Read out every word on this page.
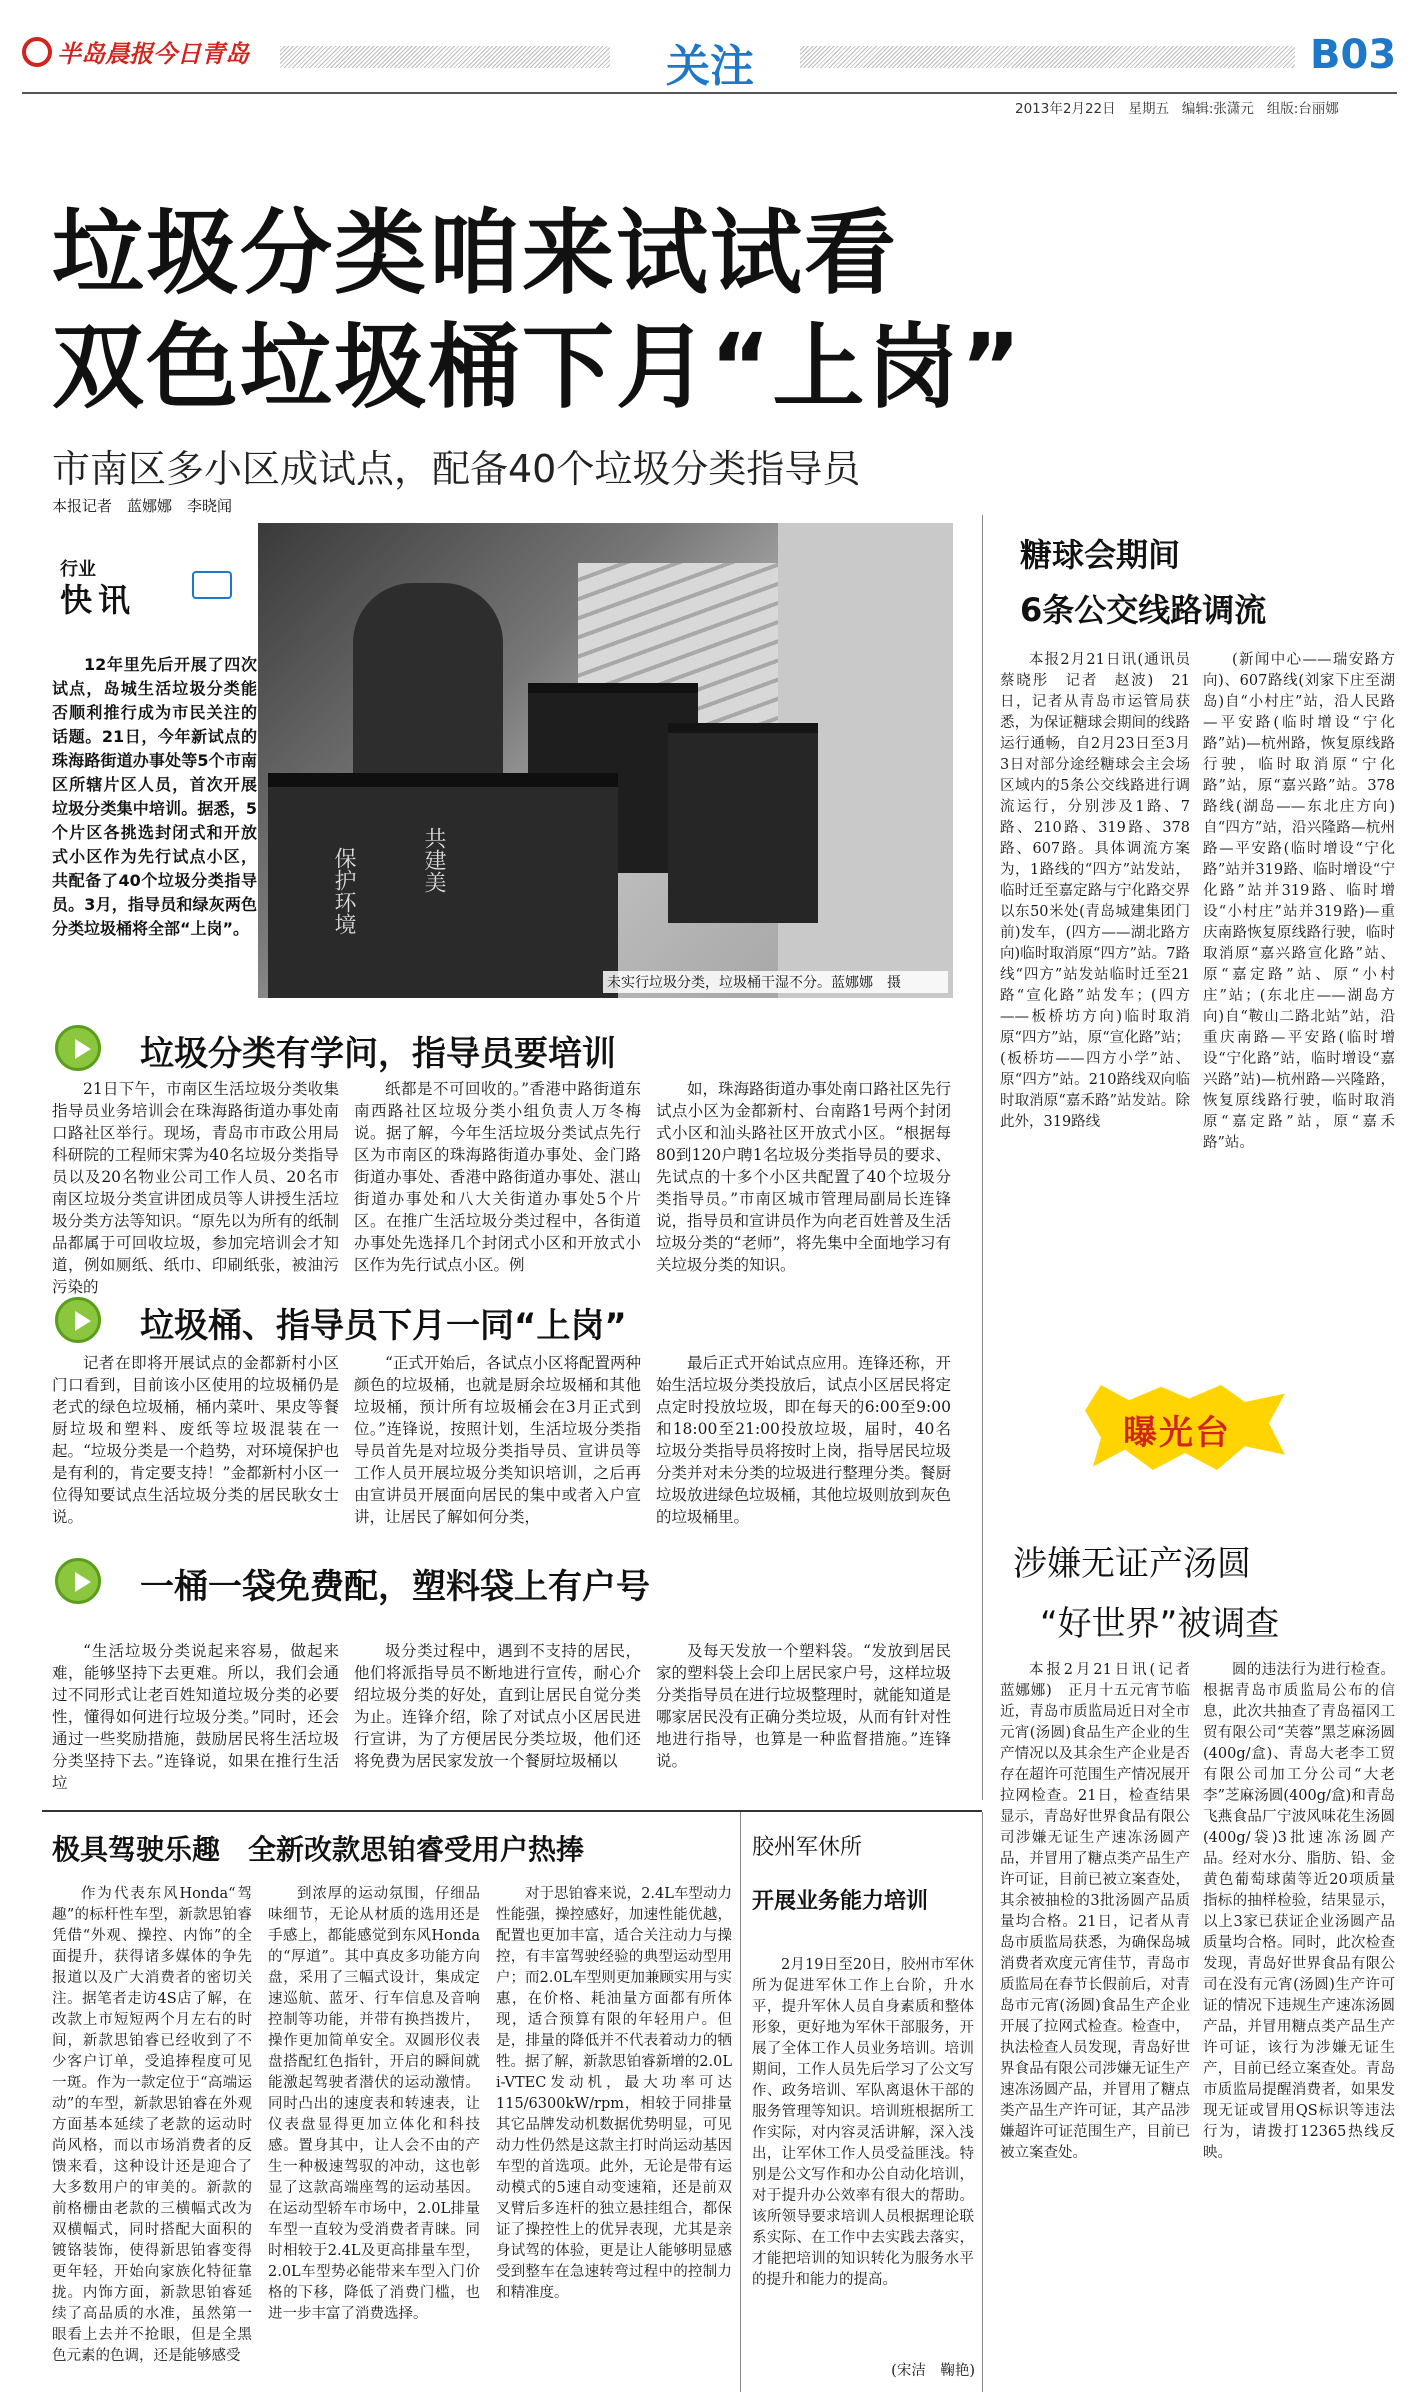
半岛晨报今日青岛	关注	B03
2013年2月22日 星期五 编辑:张潇元 组版:台丽娜
垃圾分类咱来试试看
双色垃圾桶下月“上岗”
市南区多小区成试点，配备40个垃圾分类指导员
本报记者　蓝娜娜　李晓闻
行业
快讯
12年里先后开展了四次试点，岛城生活垃圾分类能否顺利推行成为市民关注的话题。21日，今年新试点的珠海路街道办事处等5个市南区所辖片区人员，首次开展垃圾分类集中培训。据悉，5个片区各挑选封闭式和开放式小区作为先行试点小区，共配备了40个垃圾分类指导员。3月，指导员和绿灰两色分类垃圾桶将全部“上岗”。	保护环境	共建美
未实行垃圾分类，垃圾桶干湿不分。蓝娜娜　摄
垃圾分类有学问，指导员要培训

21日下午，市南区生活垃圾分类收集指导员业务培训会在珠海路街道办事处南口路社区举行。现场，青岛市市政公用局科研院的工程师宋霁为40名垃圾分类指导员以及20名物业公司工作人员、20名市南区垃圾分类宣讲团成员等人讲授生活垃圾分类方法等知识。“原先以为所有的纸制品都属于可回收垃圾，参加完培训会才知道，例如厕纸、纸巾、印刷纸张，被油污污染的

纸都是不可回收的。”香港中路街道东南西路社区垃圾分类小组负责人万冬梅说。据了解，今年生活垃圾分类试点先行区为市南区的珠海路街道办事处、金门路街道办事处、香港中路街道办事处、湛山街道办事处和八大关街道办事处5个片区。在推广生活垃圾分类过程中，各街道办事处先选择几个封闭式小区和开放式小区作为先行试点小区。例

如，珠海路街道办事处南口路社区先行试点小区为金都新村、台南路1号两个封闭式小区和汕头路社区开放式小区。“根据每80到120户聘1名垃圾分类指导员的要求、先试点的十多个小区共配置了40个垃圾分类指导员。”市南区城市管理局副局长连锋说，指导员和宣讲员作为向老百姓普及生活垃圾分类的“老师”，将先集中全面地学习有关垃圾分类的知识。

垃圾桶、指导员下月一同“上岗”

记者在即将开展试点的金都新村小区门口看到，目前该小区使用的垃圾桶仍是老式的绿色垃圾桶，桶内菜叶、果皮等餐厨垃圾和塑料、废纸等垃圾混装在一起。“垃圾分类是一个趋势，对环境保护也是有利的，肯定要支持！”金都新村小区一位得知要试点生活垃圾分类的居民耿女士说。

“正式开始后，各试点小区将配置两种颜色的垃圾桶，也就是厨余垃圾桶和其他垃圾桶，预计所有垃圾桶会在3月正式到位。”连锋说，按照计划，生活垃圾分类指导员首先是对垃圾分类指导员、宣讲员等工作人员开展垃圾分类知识培训，之后再由宣讲员开展面向居民的集中或者入户宣讲，让居民了解如何分类，

最后正式开始试点应用。连锋还称，开始生活垃圾分类投放后，试点小区居民将定点定时投放垃圾，即在每天的6:00至9:00和18:00至21:00投放垃圾，届时，40名垃圾分类指导员将按时上岗，指导居民垃圾分类并对未分类的垃圾进行整理分类。餐厨垃圾放进绿色垃圾桶，其他垃圾则放到灰色的垃圾桶里。

一桶一袋免费配，塑料袋上有户号

“生活垃圾分类说起来容易，做起来难，能够坚持下去更难。所以，我们会通过不同形式让老百姓知道垃圾分类的必要性，懂得如何进行垃圾分类。”同时，还会通过一些奖励措施，鼓励居民将生活垃圾分类坚持下去。”连锋说，如果在推行生活垃

圾分类过程中，遇到不支持的居民，他们将派指导员不断地进行宣传，耐心介绍垃圾分类的好处，直到让居民自觉分类为止。连锋介绍，除了对试点小区居民进行宣讲，为了方便居民分类垃圾，他们还将免费为居民家发放一个餐厨垃圾桶以

及每天发放一个塑料袋。“发放到居民家的塑料袋上会印上居民家户号，这样垃圾分类指导员在进行垃圾整理时，就能知道是哪家居民没有正确分类垃圾，从而有针对性地进行指导，也算是一种监督措施。”连锋说。

糖球会期间
6条公交线路调流

本报2月21日讯(通讯员　蔡晓彤　记者　赵波)　21日，记者从青岛市运管局获悉，为保证糖球会期间的线路运行通畅，自2月23日至3月3日对部分途经糖球会主会场区域内的5条公交线路进行调流运行，分别涉及1路、7路、210路、319路、378路、607路。具体调流方案为，1路线的“四方”站发站，临时迁至嘉定路与宁化路交界以东50米处(青岛城建集团门前)发车，(四方——湖北路方向)临时取消原“四方”站。7路线“四方”站发站临时迁至21路“宣化路”站发车；(四方——板桥坊方向)临时取消原“四方”站，原“宣化路”站；(板桥坊——四方小学”站、原“四方”站。210路线双向临时取消原“嘉禾路”站发站。除此外，319路线

(新闻中心——瑞安路方向)、607路线(刘家下庄至湖岛)自“小村庄”站，沿人民路—平安路(临时增设“宁化路”站)—杭州路，恢复原线路行驶，临时取消原“宁化路”站，原“嘉兴路”站。378路线(湖岛——东北庄方向)自“四方”站，沿兴隆路—杭州路—平安路(临时增设“宁化路”站并319路、临时增设“宁化路”站并319路、临时增设“小村庄”站并319路)—重庆南路恢复原线路行驶，临时取消原“嘉兴路宣化路”站、原“嘉定路”站、原“小村庄”站；(东北庄——湖岛方向)自“鞍山二路北站”站，沿重庆南路—平安路(临时增设“宁化路”站，临时增设“嘉兴路”站)—杭州路—兴隆路，恢复原线路行驶，临时取消原“嘉定路”站，原“嘉禾路”站。

曝光台
涉嫌无证产汤圆
“好世界”被调查

本报2月21日讯(记者　蓝娜娜)　正月十五元宵节临近，青岛市质监局近日对全市元宵(汤圆)食品生产企业的生产情况以及其余生产企业是否存在超许可范围生产情况展开拉网检查。21日，检查结果显示，青岛好世界食品有限公司涉嫌无证生产速冻汤圆产品，并冒用了糖点类产品生产许可证，目前已被立案查处，其余被抽检的3批汤圆产品质量均合格。21日，记者从青岛市质监局获悉，为确保岛城消费者欢度元宵佳节，青岛市质监局在春节长假前后，对青岛市元宵(汤圆)食品生产企业开展了拉网式检查。检查中，执法检查人员发现，青岛好世界食品有限公司涉嫌无证生产速冻汤圆产品，并冒用了糖点类产品生产许可证，其产品涉嫌超许可证范围生产，目前已被立案查处。

圆的违法行为进行检查。根据青岛市质监局公布的信息，此次共抽查了青岛福冈工贸有限公司“芙蓉”黑芝麻汤圆(400g/盒)、青岛大老李工贸有限公司加工分公司“大老李”芝麻汤圆(400g/盒)和青岛飞燕食品厂宁波风味花生汤圆(400g/袋)3批速冻汤圆产品。经对水分、脂肪、铅、金黄色葡萄球菌等近20项质量指标的抽样检验，结果显示，以上3家已获证企业汤圆产品质量均合格。同时，此次检查发现，青岛好世界食品有限公司在没有元宵(汤圆)生产许可证的情况下违规生产速冻汤圆产品，并冒用糖点类产品生产许可证，该行为涉嫌无证生产，目前已经立案查处。青岛市质监局提醒消费者，如果发现无证或冒用QS标识等违法行为，请拨打12365热线反映。

极具驾驶乐趣　全新改款思铂睿受用户热捧

作为代表东风Honda“驾趣”的标杆性车型，新款思铂睿凭借“外观、操控、内饰”的全面提升，获得诸多媒体的争先报道以及广大消费者的密切关注。据笔者走访4S店了解，在改款上市短短两个月左右的时间，新款思铂睿已经收到了不少客户订单，受追捧程度可见一斑。作为一款定位于“高端运动”的车型，新款思铂睿在外观方面基本延续了老款的运动时尚风格，而以市场消费者的反馈来看，这种设计还是迎合了大多数用户的审美的。新款的前格栅由老款的三横幅式改为双横幅式，同时搭配大面积的镀铬装饰，使得新思铂睿变得更年轻，开始向家族化特征靠拢。内饰方面，新款思铂睿延续了高品质的水准，虽然第一眼看上去并不抢眼，但是全黑色元素的色调，还是能够感受

到浓厚的运动氛围，仔细品味细节，无论从材质的选用还是手感上，都能感觉到东风Honda的“厚道”。其中真皮多功能方向盘，采用了三幅式设计，集成定速巡航、蓝牙、行车信息及音响控制等功能，并带有换挡拨片，操作更加简单安全。双圆形仪表盘搭配红色指针，开启的瞬间就能激起驾驶者潜伏的运动激情。同时凸出的速度表和转速表，让仪表盘显得更加立体化和科技感。置身其中，让人会不由的产生一种极速驾驭的冲动，这也彰显了这款高端座驾的运动基因。在运动型轿车市场中，2.0L排量车型一直较为受消费者青睐。同时相较于2.4L及更高排量车型，2.0L车型势必能带来车型入门价格的下移，降低了消费门槛，也进一步丰富了消费选择。

对于思铂睿来说，2.4L车型动力性能强，操控感好，加速性能优越，配置也更加丰富，适合关注动力与操控，有丰富驾驶经验的典型运动型用户；而2.0L车型则更加兼顾实用与实惠，在价格、耗油量方面都有所体现，适合预算有限的年轻用户。但是，排量的降低并不代表着动力的牺牲。据了解，新款思铂睿新增的2.0L i-VTEC发动机，最大功率可达115/6300kW/rpm，相较于同排量其它品牌发动机数据优势明显，可见动力性仍然是这款主打时尚运动基因车型的首选项。此外，无论是带有运动模式的5速自动变速箱，还是前双叉臂后多连杆的独立悬挂组合，都保证了操控性上的优异表现，尤其是亲身试驾的体验，更是让人能够明显感受到整车在急速转弯过程中的控制力和精准度。

胶州军休所
开展业务能力培训

2月19日至20日，胶州市军休所为促进军休工作上台阶，升水平，提升军休人员自身素质和整体形象，更好地为军休干部服务，开展了全体工作人员业务培训。培训期间，工作人员先后学习了公文写作、政务培训、军队离退休干部的服务管理等知识。培训班根据所工作实际，对内容灵活讲解，深入浅出，让军休工作人员受益匪浅。特别是公文写作和办公自动化培训，对于提升办公效率有很大的帮助。该所领导要求培训人员根据理论联系实际、在工作中去实践去落实，才能把培训的知识转化为服务水平的提升和能力的提高。

(宋洁　鞠艳)
